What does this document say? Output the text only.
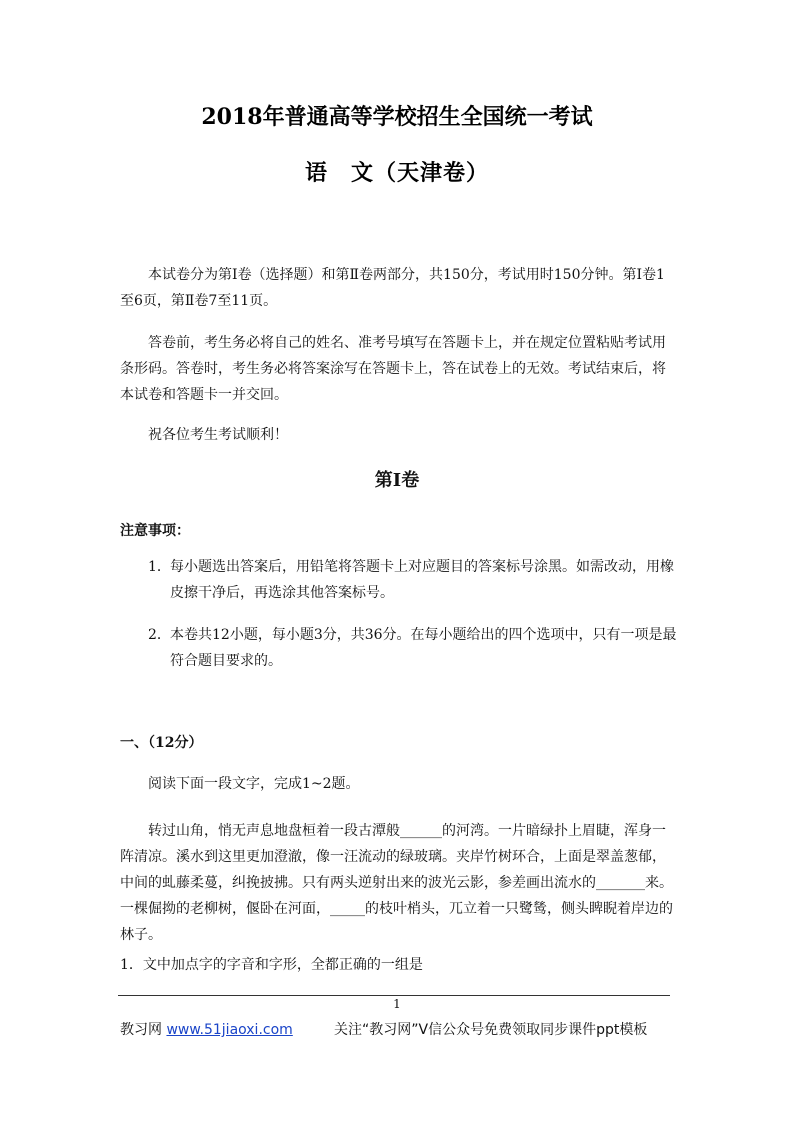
2018年普通高等学校招生全国统一考试
语　文（天津卷）
本试卷分为第Ⅰ卷（选择题）和第Ⅱ卷两部分，共150分，考试用时150分钟。第Ⅰ卷1至6页，第Ⅱ卷7至11页。
答卷前，考生务必将自己的姓名、准考号填写在答题卡上，并在规定位置粘贴考试用条形码。答卷时，考生务必将答案涂写在答题卡上，答在试卷上的无效。考试结束后，将本试卷和答题卡一并交回。
祝各位考生考试顺利！
第Ⅰ卷
注意事项：
1． 每小题选出答案后，用铅笔将答题卡上对应题目的答案标号涂黑。如需改动，用橡皮擦干净后，再选涂其他答案标号。
2． 本卷共12小题，每小题3分，共36分。在每小题给出的四个选项中，只有一项是最符合题目要求的。
一、（12分）
阅读下面一段文字，完成1~2题。
转过山角，悄无声息地盘桓着一段古潭般______的河湾。一片暗绿扑上眉睫，浑身一阵清凉。溪水到这里更加澄澈，像一汪流动的绿玻璃。夹岸竹树环合，上面是翠盖葱郁，中间的虬藤柔蔓，纠挽披拂。只有两头逆射出来的波光云影，参差画出流水的_______来。一棵倔拗的老柳树，偃卧在河面，_____的枝叶梢头，兀立着一只鹭鸶，侧头睥睨着岸边的林子。
1．文中加点字的字音和字形，全都正确的一组是
1
教习网 www.51jiaoxi.com	关注“教习网”V信公众号免费领取同步课件ppt模板
